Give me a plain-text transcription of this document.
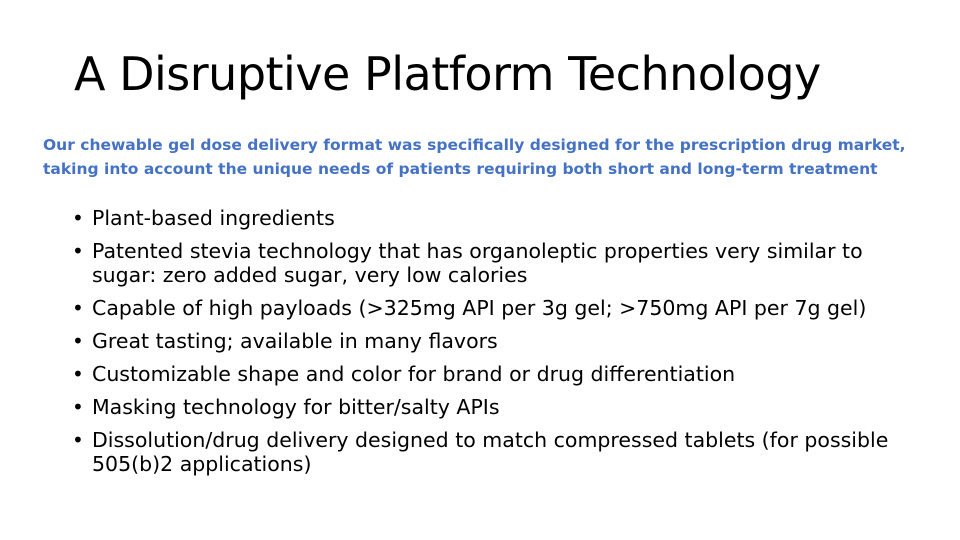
A Disruptive Platform Technology

Our chewable gel dose delivery format was specifically designed for the prescription drug market, taking into account the unique needs of patients requiring both short and long-term treatment

• Plant-based ingredients
• Patented stevia technology that has organoleptic properties very similar to sugar: zero added sugar, very low calories
• Capable of high payloads (>325mg API per 3g gel; >750mg API per 7g gel)
• Great tasting; available in many flavors
• Customizable shape and color for brand or drug differentiation
• Masking technology for bitter/salty APIs
• Dissolution/drug delivery designed to match compressed tablets (for possible 505(b)2 applications)
